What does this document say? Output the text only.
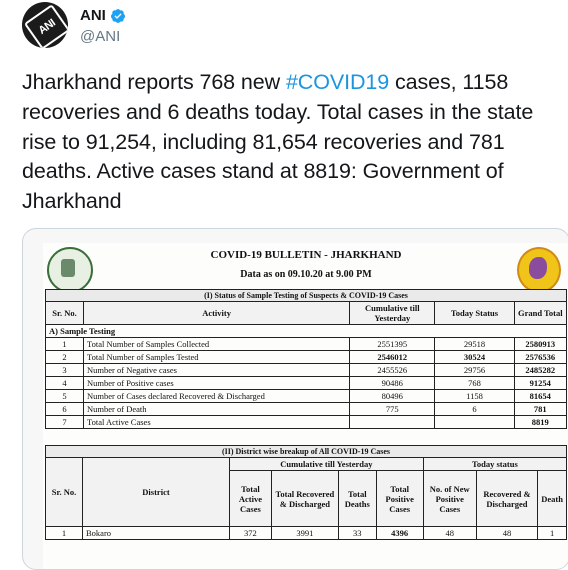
ANI
ANI
@ANI
Jharkhand reports 768 new #COVID19 cases, 1158 recoveries and 6 deaths today. Total cases in the state rise to 91,254, including 81,654 recoveries and 781 deaths. Active cases stand at 8819: Government of Jharkhand
COVID-19 BULLETIN - JHARKHAND
Data as on 09.10.20 at 9.00 PM
(I) Status of Sample Testing of Suspects & COVID-19 Cases				
Sr. No.	Activity	Cumulative till Yesterday	Today Status	Grand Total
A) Sample Testing				
1	Total Number of Samples Collected	2551395	29518	2580913
2	Total Number of Samples Tested	2546012	30524	2576536
3	Number of Negative cases	2455526	29756	2485282
4	Number of Positive cases	90486	768	91254
5	Number of Cases declared Recovered & Discharged	80496	1158	81654
6	Number of Death	775	6	781
7	Total Active Cases			8819
(II) District wise breakup of All COVID-19 Cases								
Sr. No.	District	Cumulative till Yesterday				Today status		
		Total Active Cases	Total Recovered & Discharged	Total Deaths	Total Positive Cases	No. of New Positive Cases	Recovered & Discharged	Death
1	Bokaro	372	3991	33	4396	48	48	1
